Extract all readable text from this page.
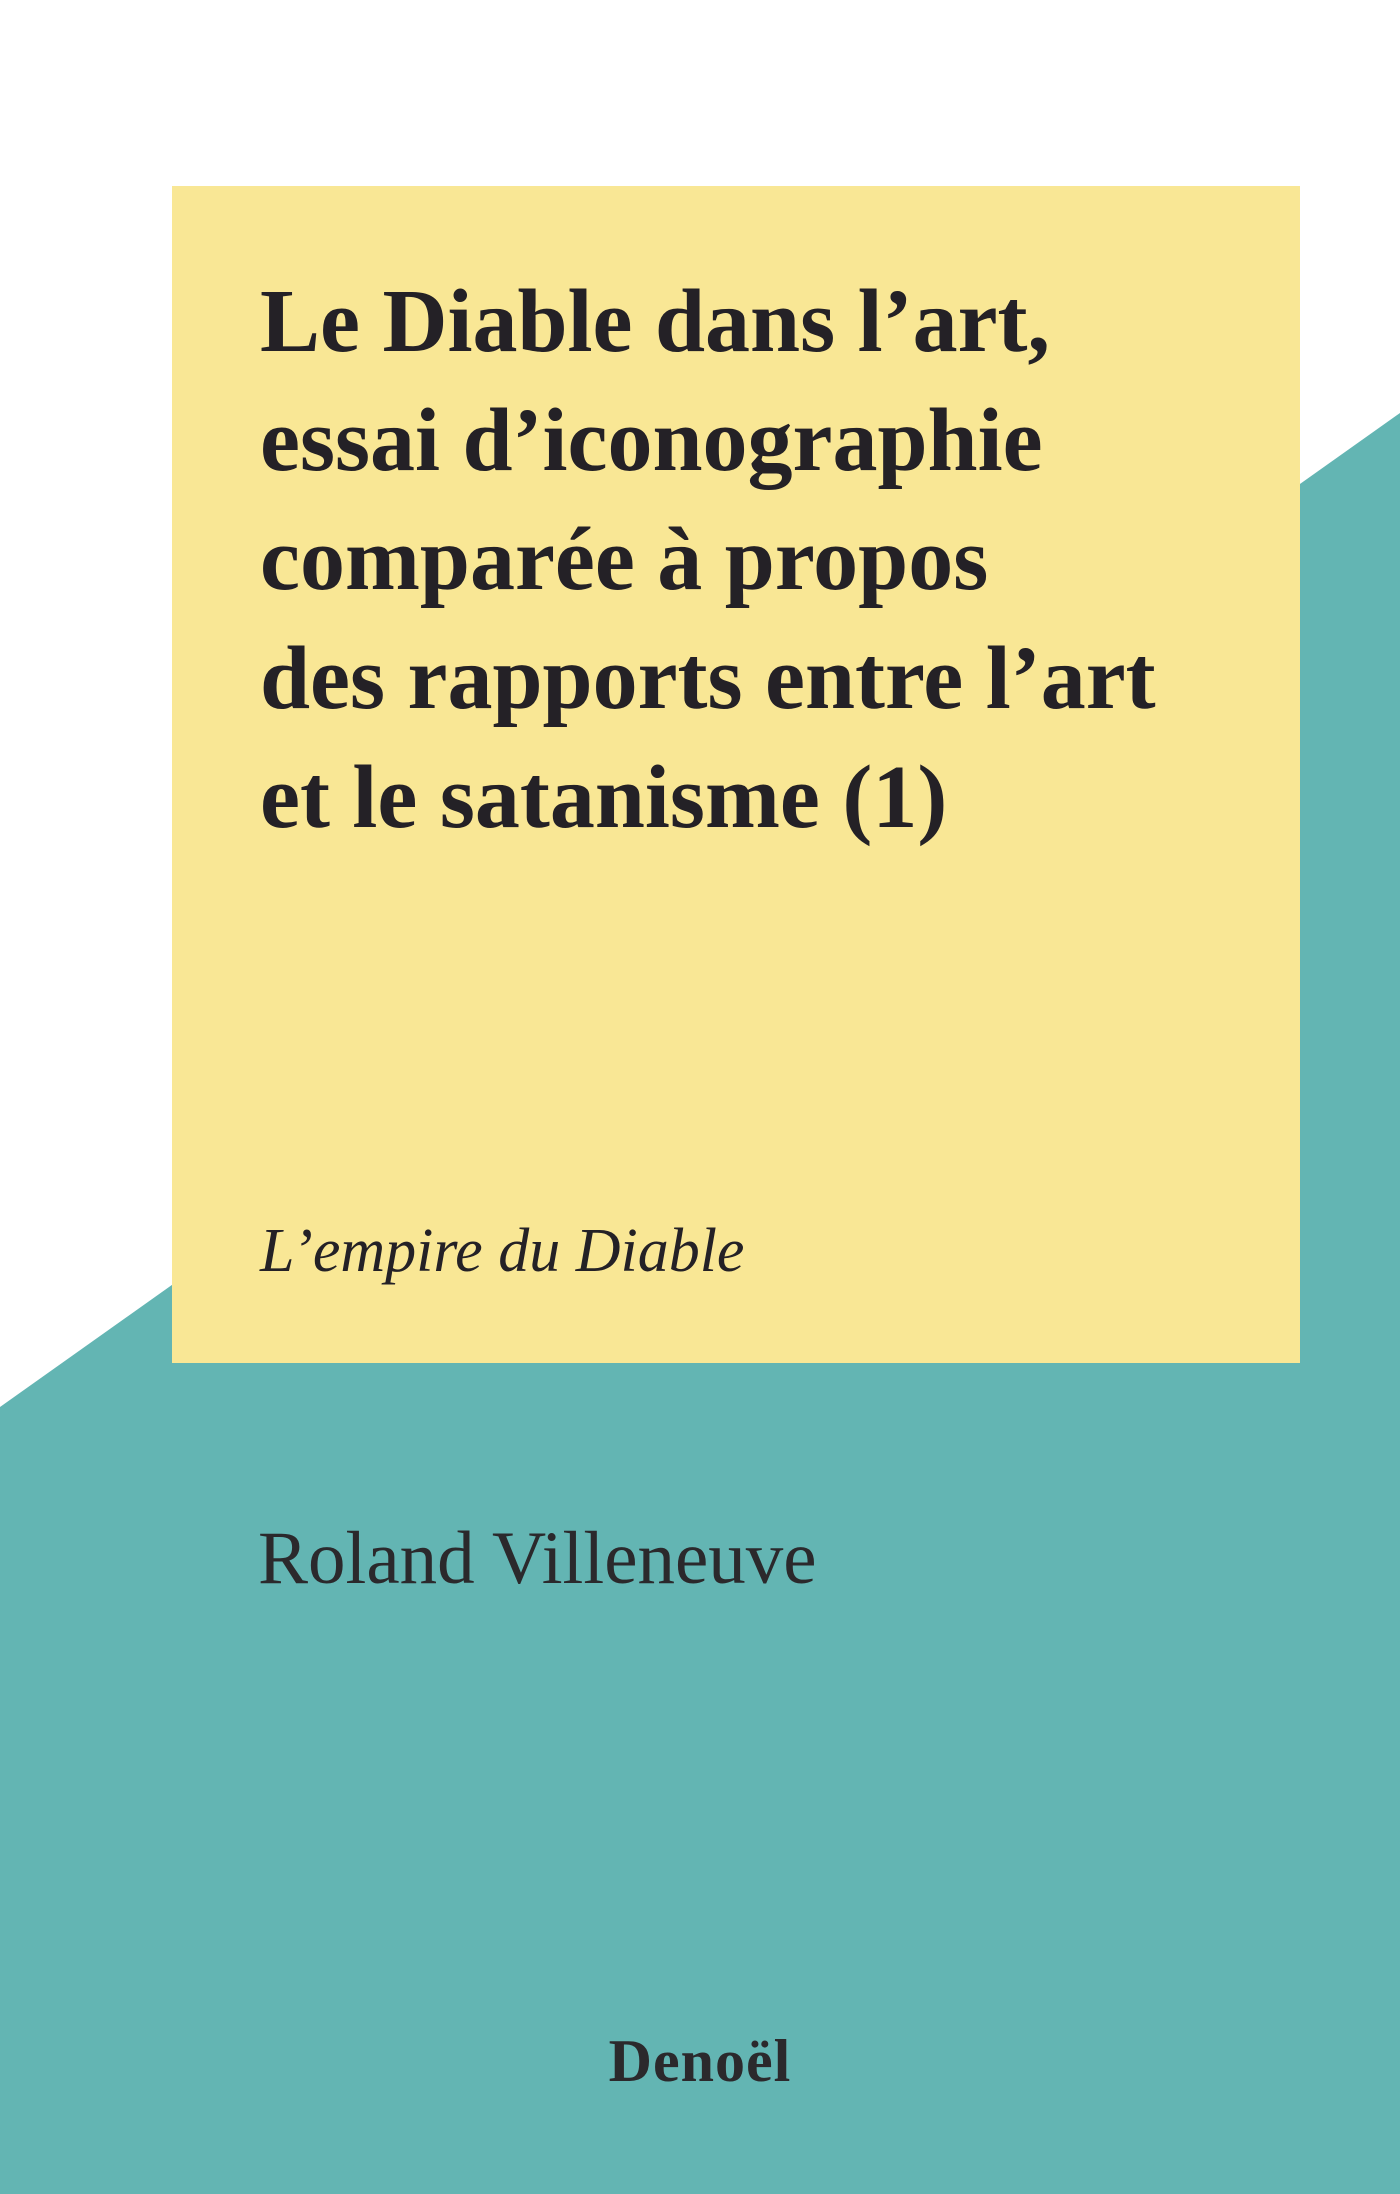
Le Diable dans l’art,
essai d’iconographie
comparée à propos
des rapports entre l’art
et le satanisme (1)
L’empire du Diable
Roland Villeneuve
Denoël
